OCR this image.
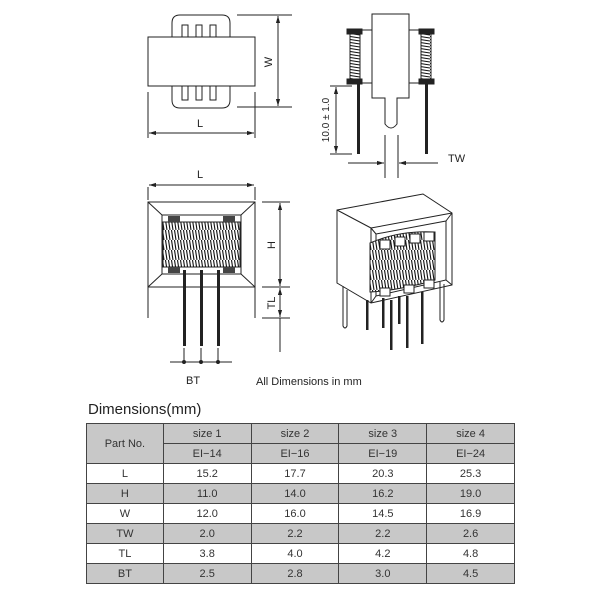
L
W
10.0 ± 1.0
TW
L
H
TL
BT	All Dimensions in mm
Dimensions(mm)
Part No.	size 1	size 2	size 3	size 4
	EI−14	EI−16	EI−19	EI−24
L	15.2	17.7	20.3	25.3
H	11.0	14.0	16.2	19.0
W	12.0	16.0	14.5	16.9
TW	2.0	2.2	2.2	2.6
TL	3.8	4.0	4.2	4.8
BT	2.5	2.8	3.0	4.5
